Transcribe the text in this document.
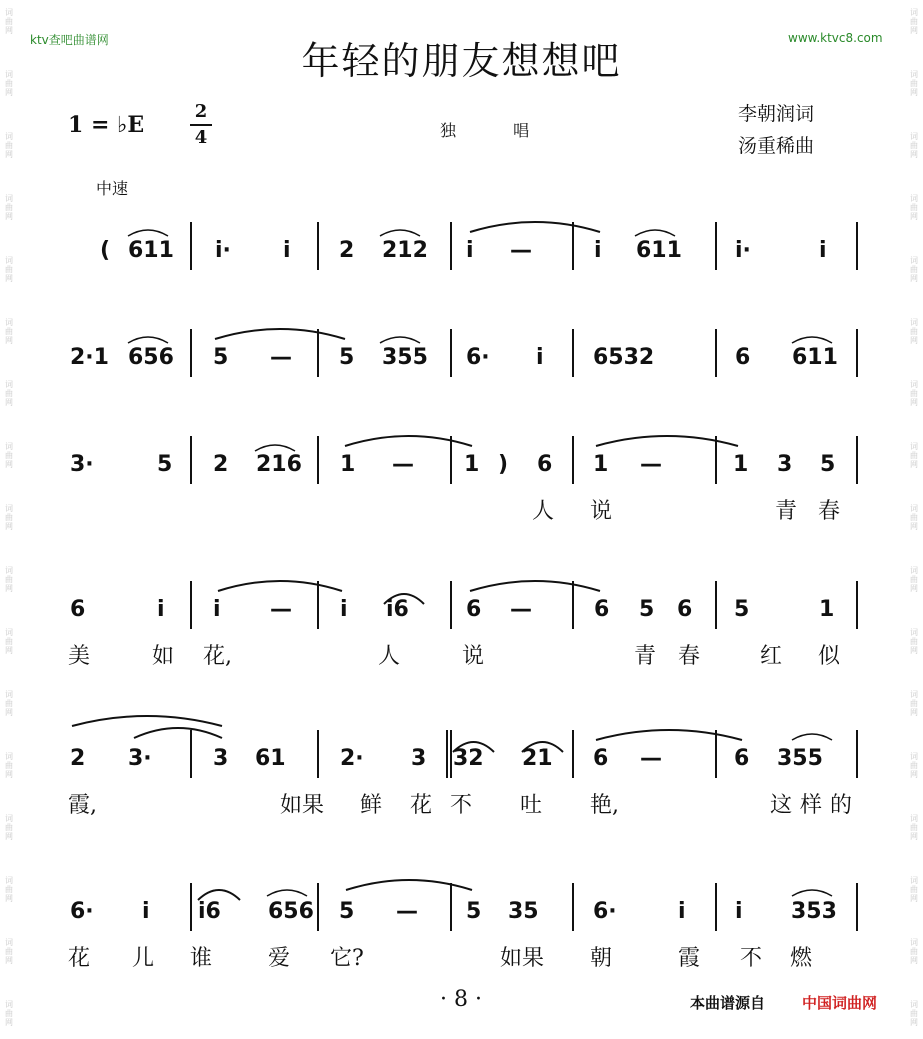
词
曲
网
词
曲
网
词
曲
网
词
曲
网
词
曲
网
词
曲
网
词
曲
网
词
曲
网
词
曲
网
词
曲
网
词
曲
网
词
曲
网
词
曲
网
词
曲
网
词
曲
网
词
曲
网
词
曲
网
词
曲
网
词
曲
网
词
曲
网
词
曲
网
词
曲
网
词
曲
网
词
曲
网
词
曲
网
词
曲
网
词
曲
网
词
曲
网
词
曲
网
词
曲
网
词
曲
网
词
曲
网
词
曲
网
词
曲
网
ktv查吧曲谱网	www.ktvc8.com
年轻的朋友想想吧
1 = ♭E
2
4	独 唱
李朝润词
汤重稀曲
中速
( 611 i· i 2 212 i —	i 611 i·	i
2·1 656 5 — 5 355 6· i 6532	6 611
3·	5 2 216 1 — 1 ) 6 1 —	1 3 5
人 说	青 春
6	i i — i i6	6 —	6 5 6 5	1
美	如 花,	人	说	青 春	红 似
2 3·	3 61 2· 3 32 21 6 —	6 355
霞,	如果 鲜 花 不 吐 艳,	这 样 的
6· i i6 656 5 — 5 35 6·	i i 353
花 儿 谁	爱 它?	如果 朝	霞 不 燃
· 8 ·	本曲谱源自 中国词曲网
